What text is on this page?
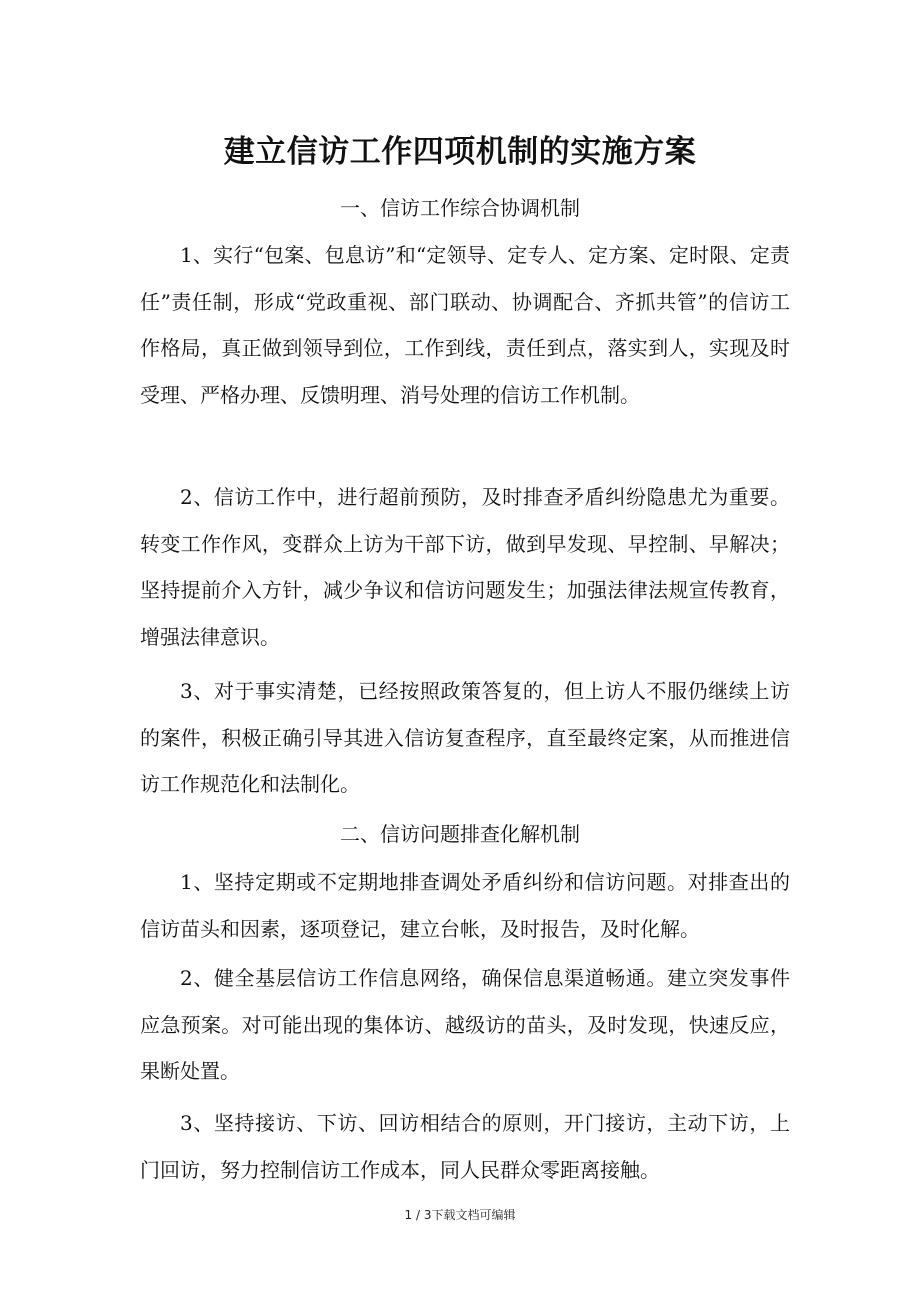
建立信访工作四项机制的实施方案
一、信访工作综合协调机制

1、实行“包案、包息访”和“定领导、定专人、定方案、定时限、定责任”责任制，形成“党政重视、部门联动、协调配合、齐抓共管”的信访工作格局，真正做到领导到位，工作到线，责任到点，落实到人，实现及时受理、严格办理、反馈明理、消号处理的信访工作机制。

2、信访工作中，进行超前预防，及时排查矛盾纠纷隐患尤为重要。转变工作作风，变群众上访为干部下访，做到早发现、早控制、早解决；坚持提前介入方针，减少争议和信访问题发生；加强法律法规宣传教育，增强法律意识。

3、对于事实清楚，已经按照政策答复的，但上访人不服仍继续上访的案件，积极正确引导其进入信访复查程序，直至最终定案，从而推进信访工作规范化和法制化。

二、信访问题排查化解机制

1、坚持定期或不定期地排查调处矛盾纠纷和信访问题。对排查出的信访苗头和因素，逐项登记，建立台帐，及时报告，及时化解。

2、健全基层信访工作信息网络，确保信息渠道畅通。建立突发事件应急预案。对可能出现的集体访、越级访的苗头，及时发现，快速反应，果断处置。

3、坚持接访、下访、回访相结合的原则，开门接访，主动下访，上门回访，努力控制信访工作成本，同人民群众零距离接触。

1 / 3下载文档可编辑
